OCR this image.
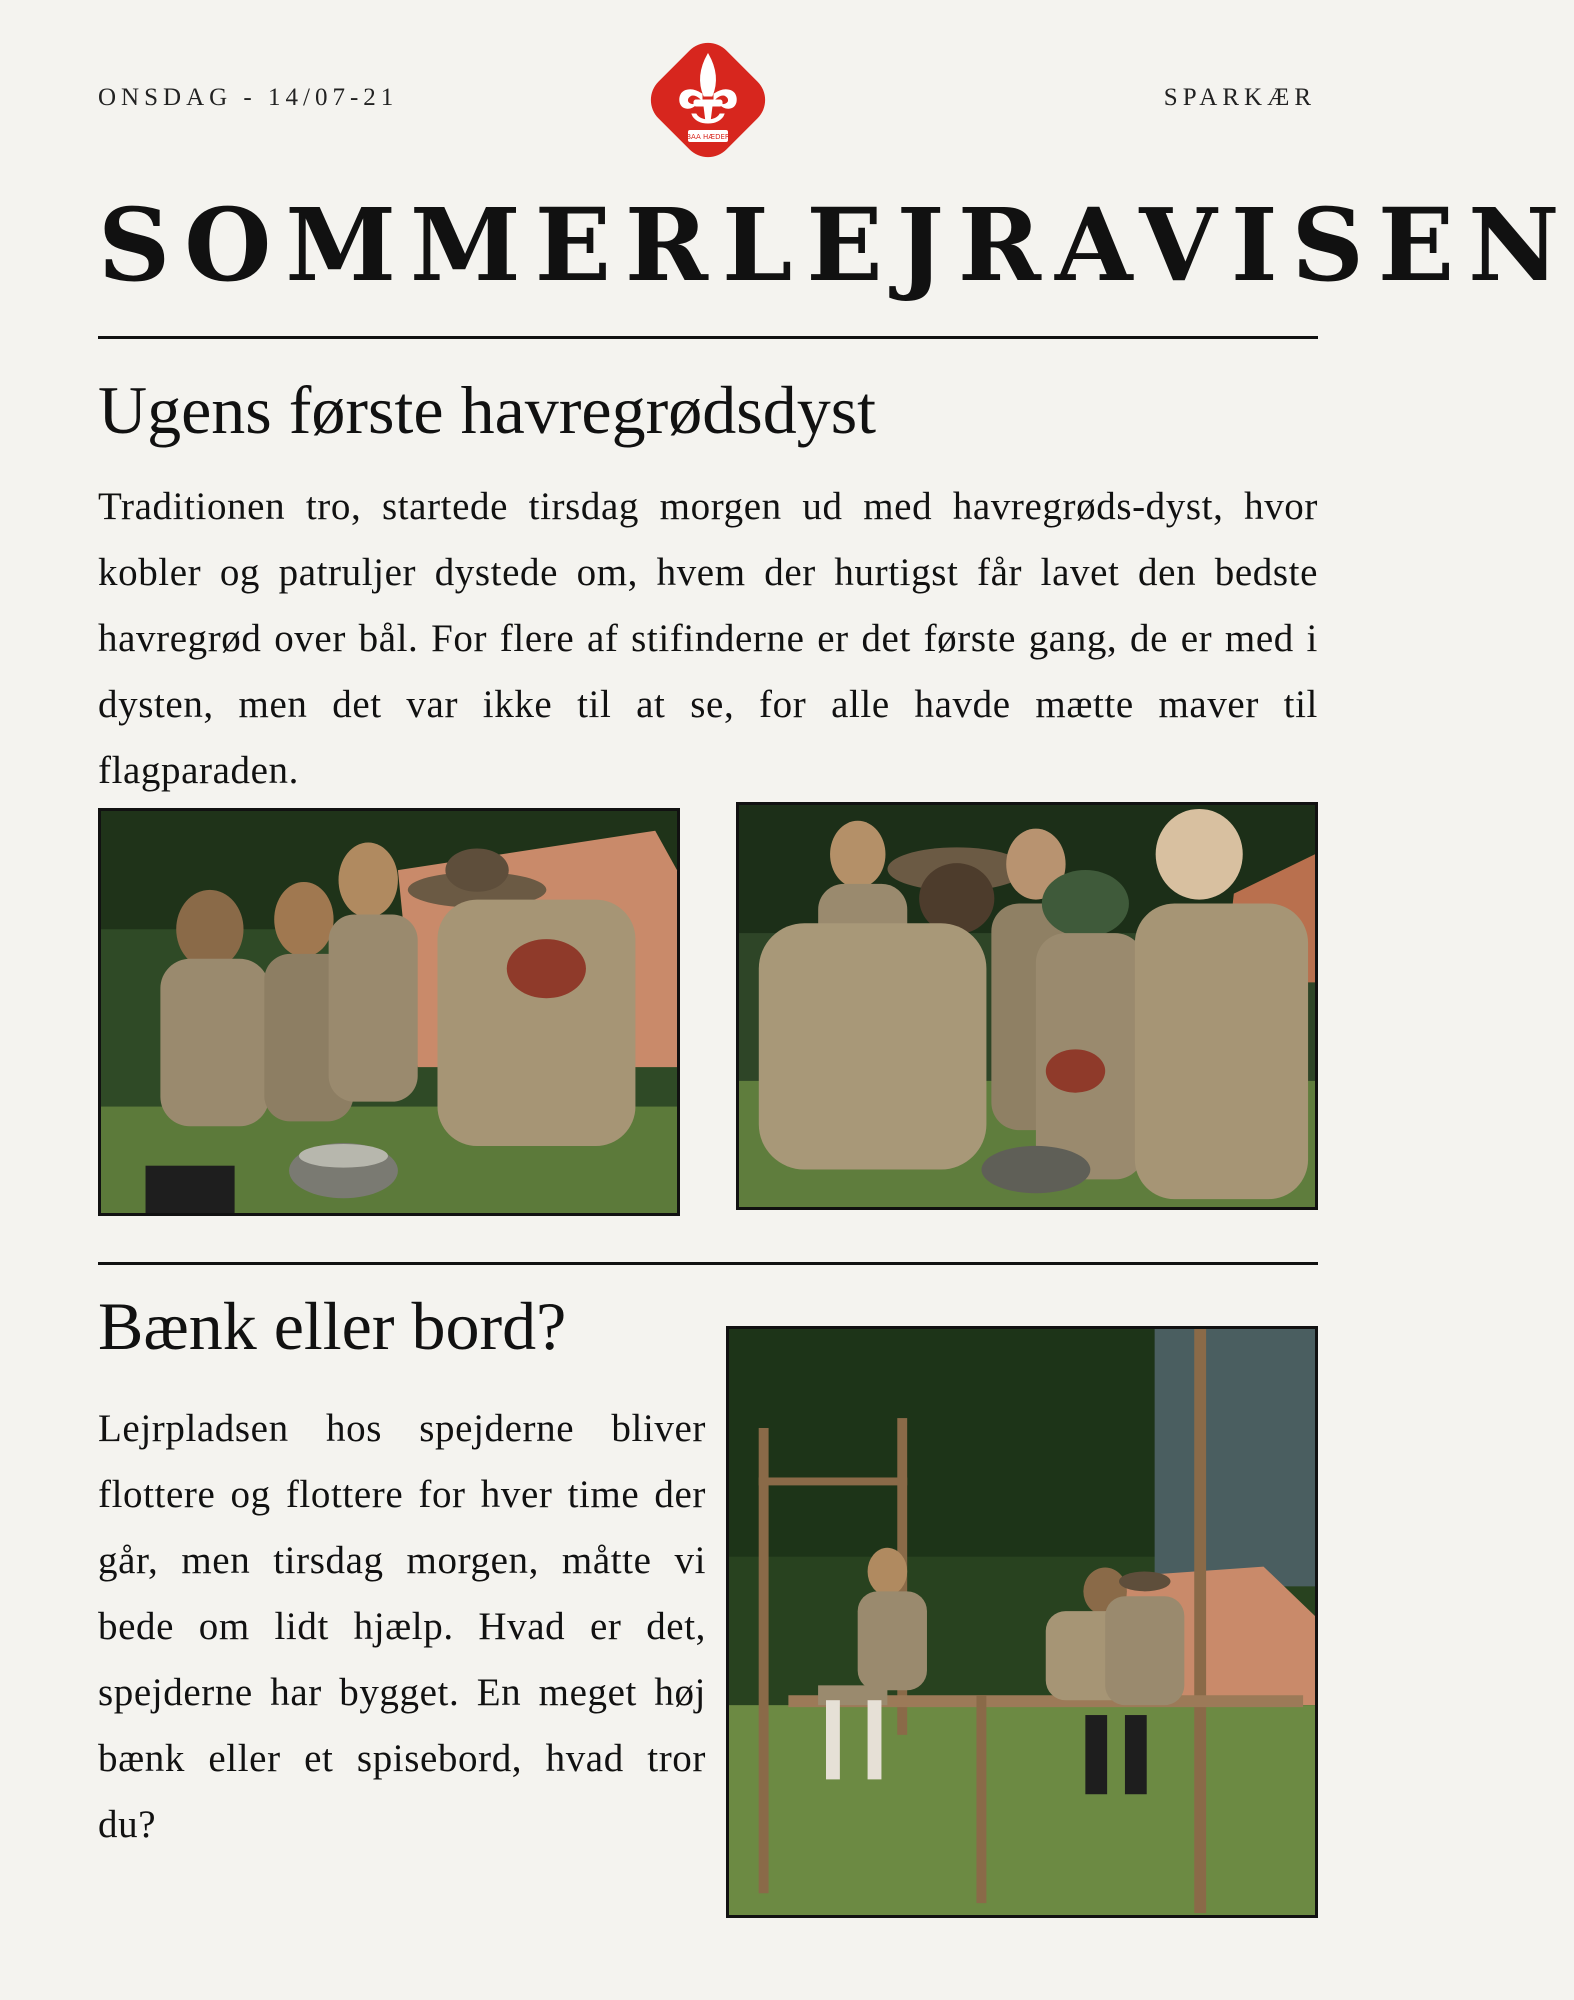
ONSDAG - 14/07-21	SPARKÆR
BAA HÆDER
SOMMERLEJRAVISEN
Ugens første havregrødsdyst
Traditionen tro, startede tirsdag morgen ud med havregrøds-dyst, hvor kobler og patruljer dystede om, hvem der hurtigst får lavet den bedste havregrød over bål. For flere af stifinderne er det første gang, de er med i dysten, men det var ikke til at se, for alle havde mætte maver til flagparaden.
Bænk eller bord?
Lejrpladsen hos spejderne bliver flottere og flottere for hver time der går, men tirsdag morgen, måtte vi bede om lidt hjælp. Hvad er det, spejderne har bygget. En meget høj bænk eller et spisebord, hvad tror du?
